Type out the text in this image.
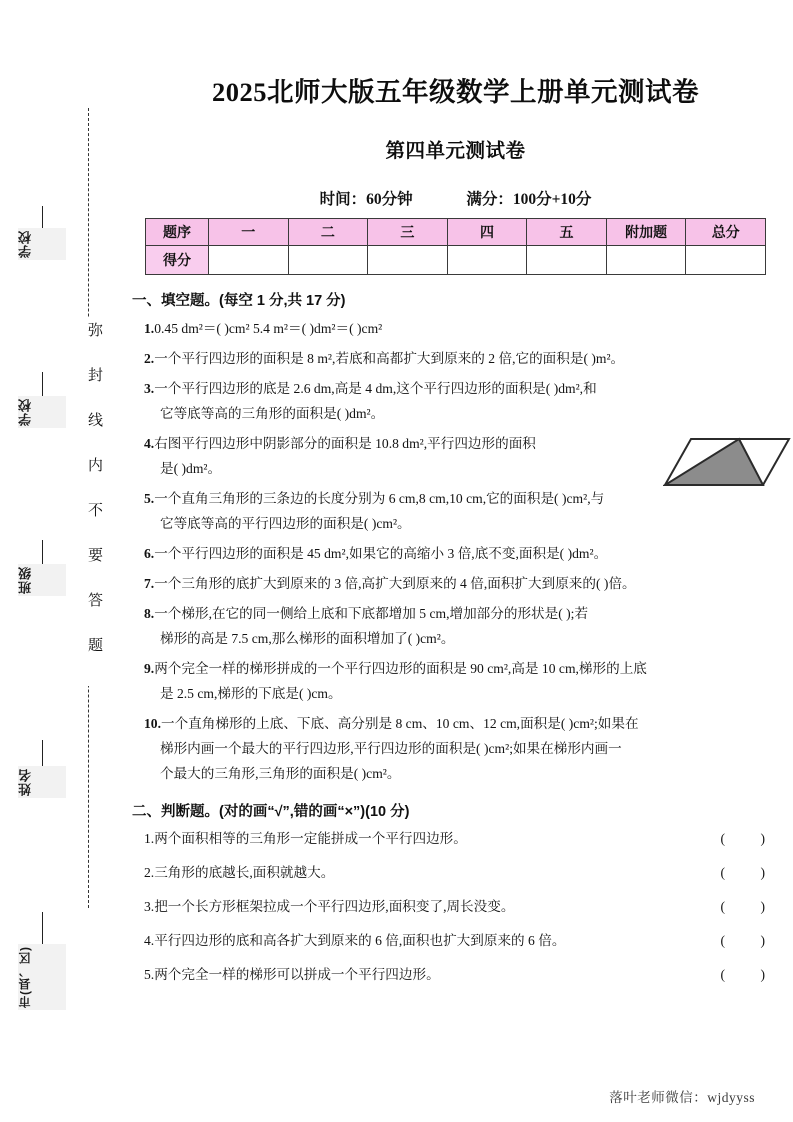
学校
学校
班级
姓名
市(县、区)
弥封线内不要答题
2025北师大版五年级数学上册单元测试卷
第四单元测试卷

时间：60分钟	满分：100分+10分

题序	一	二	三	四	五	附加题	总分
得分							
一、填空题。(每空 1 分,共 17 分)
1.0.45 dm²＝( )cm² 5.4 m²＝( )dm²＝( )cm²
2.一个平行四边形的面积是 8 m²,若底和高都扩大到原来的 2 倍,它的面积是( )m²。
3.一个平行四边形的底是 2.6 dm,高是 4 dm,这个平行四边形的面积是( )dm²,和
它等底等高的三角形的面积是( )dm²。
4.右图平行四边形中阴影部分的面积是 10.8 dm²,平行四边形的面积
是( )dm²。
5.一个直角三角形的三条边的长度分别为 6 cm,8 cm,10 cm,它的面积是( )cm²,与
它等底等高的平行四边形的面积是( )cm²。
6.一个平行四边形的面积是 45 dm²,如果它的高缩小 3 倍,底不变,面积是( )dm²。
7.一个三角形的底扩大到原来的 3 倍,高扩大到原来的 4 倍,面积扩大到原来的( )倍。
8.一个梯形,在它的同一侧给上底和下底都增加 5 cm,增加部分的形状是( );若
梯形的高是 7.5 cm,那么梯形的面积增加了( )cm²。
9.两个完全一样的梯形拼成的一个平行四边形的面积是 90 cm²,高是 10 cm,梯形的上底
是 2.5 cm,梯形的下底是( )cm。
10.一个直角梯形的上底、下底、高分别是 8 cm、10 cm、12 cm,面积是( )cm²;如果在
梯形内画一个最大的平行四边形,平行四边形的面积是( )cm²;如果在梯形内画一
个最大的三角形,三角形的面积是( )cm²。
二、判断题。(对的画“√”,错的画“×”)(10 分)
1.两个面积相等的三角形一定能拼成一个平行四边形。	( )
2.三角形的底越长,面积就越大。	( )
3.把一个长方形框架拉成一个平行四边形,面积变了,周长没变。	( )
4.平行四边形的底和高各扩大到原来的 6 倍,面积也扩大到原来的 6 倍。	( )
5.两个完全一样的梯形可以拼成一个平行四边形。	( )
落叶老师微信：wjdyyss
